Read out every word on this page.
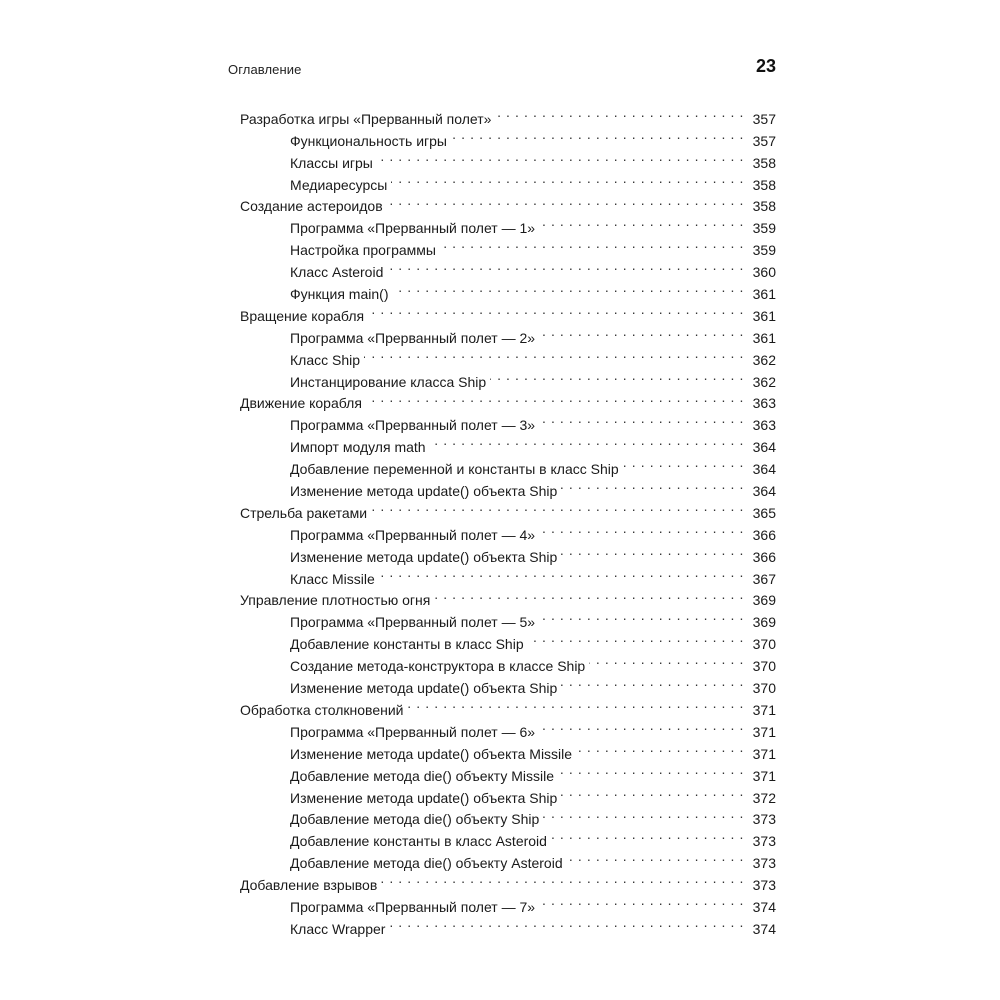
Оглавление	23
Разработка игры «Прерванный полет» . . .	357
Функциональность игры . . .	357
Классы игры . . .	358
Медиаресурсы . . .	358
Создание астероидов . . .	358
Программа «Прерванный полет — 1» . . .	359
Настройка программы . . .	359
Класс Asteroid . . .	360
Функция main() . . .	361
Вращение корабля . . .	361
Программа «Прерванный полет — 2» . . .	361
Класс Ship . . .	362
Инстанцирование класса Ship . . .	362
Движение корабля . . .	363
Программа «Прерванный полет — 3» . . .	363
Импорт модуля math . . .	364
Добавление переменной и константы в класс Ship . . .	364
Изменение метода update() объекта Ship . . .	364
Стрельба ракетами . . .	365
Программа «Прерванный полет — 4» . . .	366
Изменение метода update() объекта Ship . . .	366
Класс Missile . . .	367
Управление плотностью огня . . .	369
Программа «Прерванный полет — 5» . . .	369
Добавление константы в класс Ship . . .	370
Создание метода-конструктора в классе Ship . . .	370
Изменение метода update() объекта Ship . . .	370
Обработка столкновений . . .	371
Программа «Прерванный полет — 6» . . .	371
Изменение метода update() объекта Missile . . .	371
Добавление метода die() объекту Missile . . .	371
Изменение метода update() объекта Ship . . .	372
Добавление метода die() объекту Ship . . .	373
Добавление константы в класс Asteroid . . .	373
Добавление метода die() объекту Asteroid . . .	373
Добавление взрывов . . .	373
Программа «Прерванный полет — 7» . . .	374
Класс Wrapper . . .	374
